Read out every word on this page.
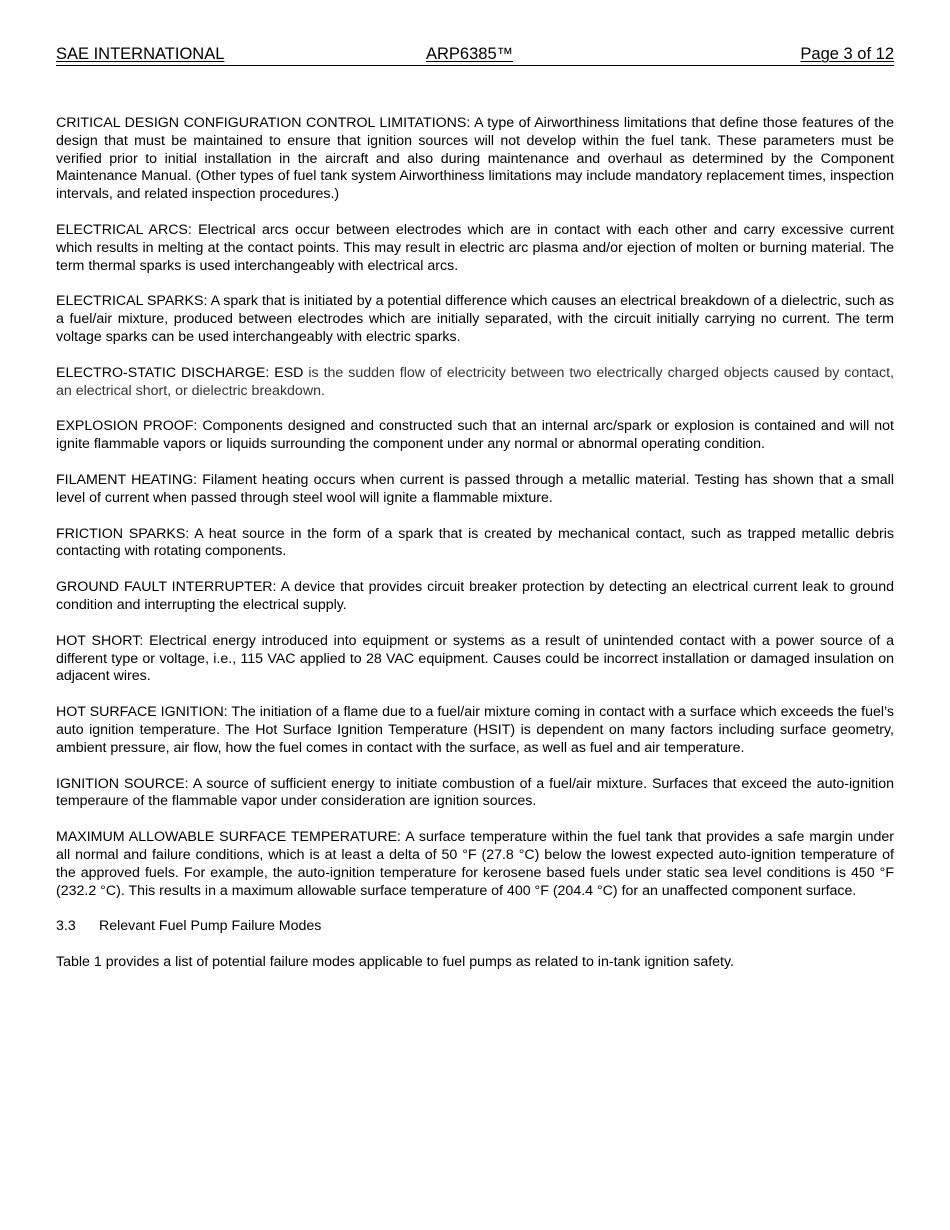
SAE INTERNATIONAL	ARP6385™	Page 3 of 12

CRITICAL DESIGN CONFIGURATION CONTROL LIMITATIONS: A type of Airworthiness limitations that define those features of the design that must be maintained to ensure that ignition sources will not develop within the fuel tank. These parameters must be verified prior to initial installation in the aircraft and also during maintenance and overhaul as determined by the Component Maintenance Manual. (Other types of fuel tank system Airworthiness limitations may include mandatory replacement times, inspection intervals, and related inspection procedures.)

ELECTRICAL ARCS: Electrical arcs occur between electrodes which are in contact with each other and carry excessive current which results in melting at the contact points. This may result in electric arc plasma and/or ejection of molten or burning material. The term thermal sparks is used interchangeably with electrical arcs.

ELECTRICAL SPARKS: A spark that is initiated by a potential difference which causes an electrical breakdown of a dielectric, such as a fuel/air mixture, produced between electrodes which are initially separated, with the circuit initially carrying no current. The term voltage sparks can be used interchangeably with electric sparks.

ELECTRO-STATIC DISCHARGE: ESD is the sudden flow of electricity between two electrically charged objects caused by contact, an electrical short, or dielectric breakdown.

EXPLOSION PROOF: Components designed and constructed such that an internal arc/spark or explosion is contained and will not ignite flammable vapors or liquids surrounding the component under any normal or abnormal operating condition.

FILAMENT HEATING: Filament heating occurs when current is passed through a metallic material. Testing has shown that a small level of current when passed through steel wool will ignite a flammable mixture.

FRICTION SPARKS: A heat source in the form of a spark that is created by mechanical contact, such as trapped metallic debris contacting with rotating components.

GROUND FAULT INTERRUPTER: A device that provides circuit breaker protection by detecting an electrical current leak to ground condition and interrupting the electrical supply.

HOT SHORT: Electrical energy introduced into equipment or systems as a result of unintended contact with a power source of a different type or voltage, i.e., 115 VAC applied to 28 VAC equipment. Causes could be incorrect installation or damaged insulation on adjacent wires.

HOT SURFACE IGNITION: The initiation of a flame due to a fuel/air mixture coming in contact with a surface which exceeds the fuel’s auto ignition temperature. The Hot Surface Ignition Temperature (HSIT) is dependent on many factors including surface geometry, ambient pressure, air flow, how the fuel comes in contact with the surface, as well as fuel and air temperature.

IGNITION SOURCE: A source of sufficient energy to initiate combustion of a fuel/air mixture. Surfaces that exceed the auto-ignition temperaure of the flammable vapor under consideration are ignition sources.

MAXIMUM ALLOWABLE SURFACE TEMPERATURE: A surface temperature within the fuel tank that provides a safe margin under all normal and failure conditions, which is at least a delta of 50 °F (27.8 °C) below the lowest expected auto-ignition temperature of the approved fuels. For example, the auto-ignition temperature for kerosene based fuels under static sea level conditions is 450 °F (232.2 °C). This results in a maximum allowable surface temperature of 400 °F (204.4 °C) for an unaffected component surface.

3.3 Relevant Fuel Pump Failure Modes

Table 1 provides a list of potential failure modes applicable to fuel pumps as related to in-tank ignition safety.
